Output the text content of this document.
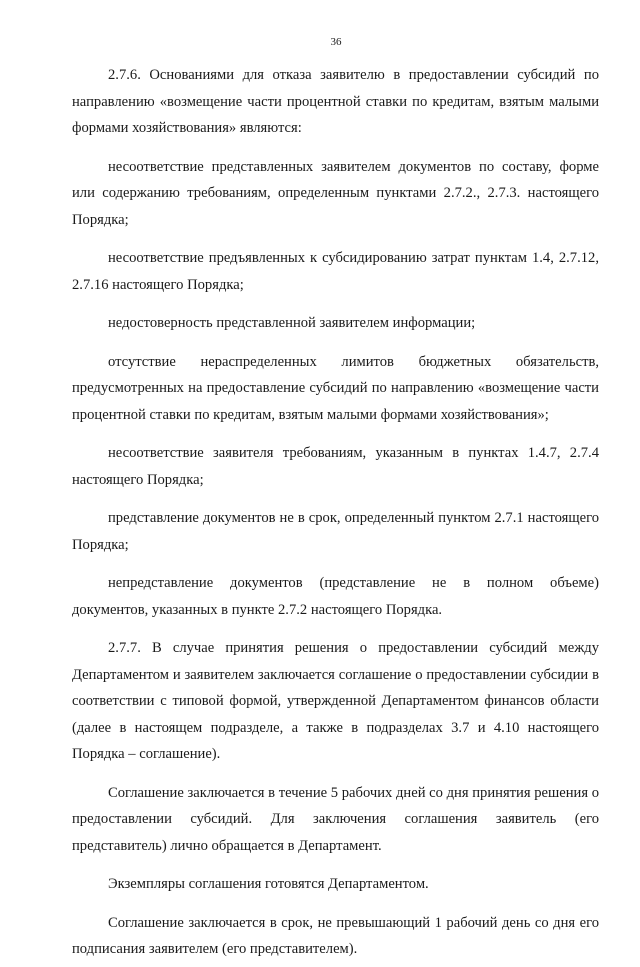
36

2.7.6. Основаниями для отказа заявителю в предоставлении субсидий по направлению «возмещение части процентной ставки по кредитам, взятым малыми формами хозяйствования» являются:

несоответствие представленных заявителем документов по составу, форме или содержанию требованиям, определенным пунктами 2.7.2., 2.7.3. настоящего Порядка;

несоответствие предъявленных к субсидированию затрат пунктам 1.4, 2.7.12, 2.7.16 настоящего Порядка;

недостоверность представленной заявителем информации;

отсутствие нераспределенных лимитов бюджетных обязательств, предусмотренных на предоставление субсидий по направлению «возмещение части процентной ставки по кредитам, взятым малыми формами хозяйствования»;

несоответствие заявителя требованиям, указанным в пунктах 1.4.7, 2.7.4 настоящего Порядка;

представление документов не в срок, определенный пунктом 2.7.1 настоящего Порядка;

непредставление документов (представление не в полном объеме) документов, указанных в пункте 2.7.2 настоящего Порядка.

2.7.7. В случае принятия решения о предоставлении субсидий между Департаментом и заявителем заключается соглашение о предоставлении субсидии в соответствии с типовой формой, утвержденной Департаментом финансов области (далее в настоящем подразделе, а также в подразделах 3.7 и 4.10 настоящего Порядка – соглашение).

Соглашение заключается в течение 5 рабочих дней со дня принятия решения о предоставлении субсидий. Для заключения соглашения заявитель (его представитель) лично обращается в Департамент.

Экземпляры соглашения готовятся Департаментом.

Соглашение заключается в срок, не превышающий 1 рабочий день со дня его подписания заявителем (его представителем).
